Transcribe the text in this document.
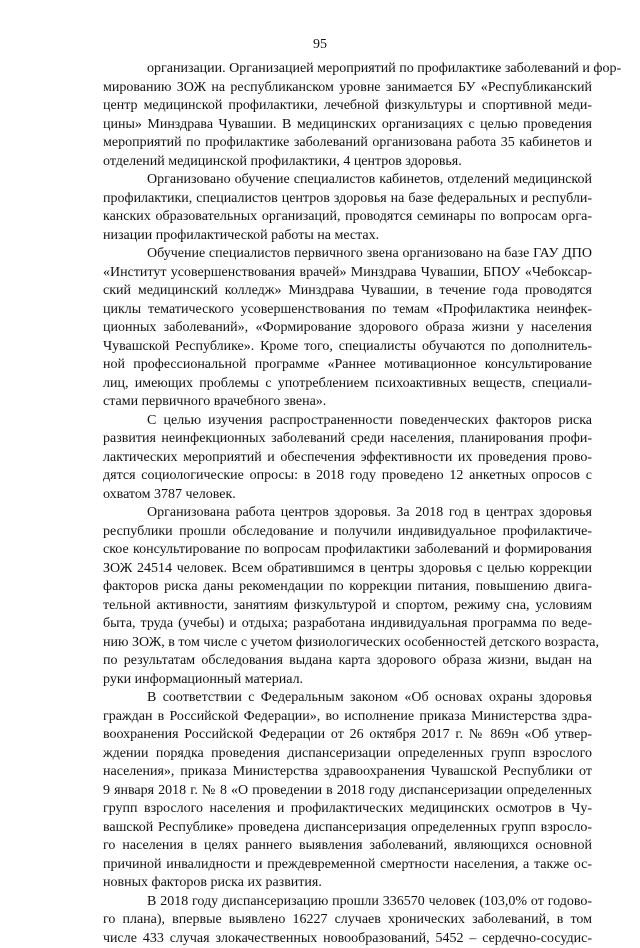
95
организации. Организацией мероприятий по профилактике заболеваний и фор-
мированию ЗОЖ на республиканском уровне занимается БУ «Республиканский
центр медицинской профилактики, лечебной физкультуры и спортивной меди-
цины» Минздрава Чувашии. В медицинских организациях с целью проведения
мероприятий по профилактике заболеваний организована работа 35 кабинетов и
отделений медицинской профилактики, 4 центров здоровья.
Организовано обучение специалистов кабинетов, отделений медицинской
профилактики, специалистов центров здоровья на базе федеральных и республи-
канских образовательных организаций, проводятся семинары по вопросам орга-
низации профилактической работы на местах.
Обучение специалистов первичного звена организовано на базе ГАУ ДПО
«Институт усовершенствования врачей» Минздрава Чувашии, БПОУ «Чебоксар-
ский медицинский колледж» Минздрава Чувашии, в течение года проводятся
циклы тематического усовершенствования по темам «Профилактика неинфек-
ционных заболеваний», «Формирование здорового образа жизни у населения
Чувашской Республике». Кроме того, специалисты обучаются по дополнитель-
ной профессиональной программе «Раннее мотивационное консультирование
лиц, имеющих проблемы с употреблением психоактивных веществ, специали-
стами первичного врачебного звена».
С целью изучения распространенности поведенческих факторов риска
развития неинфекционных заболеваний среди населения, планирования профи-
лактических мероприятий и обеспечения эффективности их проведения прово-
дятся социологические опросы: в 2018 году проведено 12 анкетных опросов с
охватом 3787 человек.
Организована работа центров здоровья. За 2018 год в центрах здоровья
республики прошли обследование и получили индивидуальное профилактиче-
ское консультирование по вопросам профилактики заболеваний и формирования
ЗОЖ 24514 человек. Всем обратившимся в центры здоровья с целью коррекции
факторов риска даны рекомендации по коррекции питания, повышению двига-
тельной активности, занятиям физкультурой и спортом, режиму сна, условиям
быта, труда (учебы) и отдыха; разработана индивидуальная программа по веде-
нию ЗОЖ, в том числе с учетом физиологических особенностей детского возраста,
по результатам обследования выдана карта здорового образа жизни, выдан на
руки информационный материал.
В соответствии с Федеральным законом «Об основах охраны здоровья
граждан в Российской Федерации», во исполнение приказа Министерства здра-
воохранения Российской Федерации от 26 октября 2017 г. № 869н «Об утвер-
ждении порядка проведения диспансеризации определенных групп взрослого
населения», приказа Министерства здравоохранения Чувашской Республики от
9 января 2018 г. № 8 «О проведении в 2018 году диспансеризации определенных
групп взрослого населения и профилактических медицинских осмотров в Чу-
вашской Республике» проведена диспансеризация определенных групп взросло-
го населения в целях раннего выявления заболеваний, являющихся основной
причиной инвалидности и преждевременной смертности населения, а также ос-
новных факторов риска их развития.
В 2018 году диспансеризацию прошли 336570 человек (103,0% от годово-
го плана), впервые выявлено 16227 случаев хронических заболеваний, в том
числе 433 случая злокачественных новообразований, 5452 – сердечно-сосудис-
